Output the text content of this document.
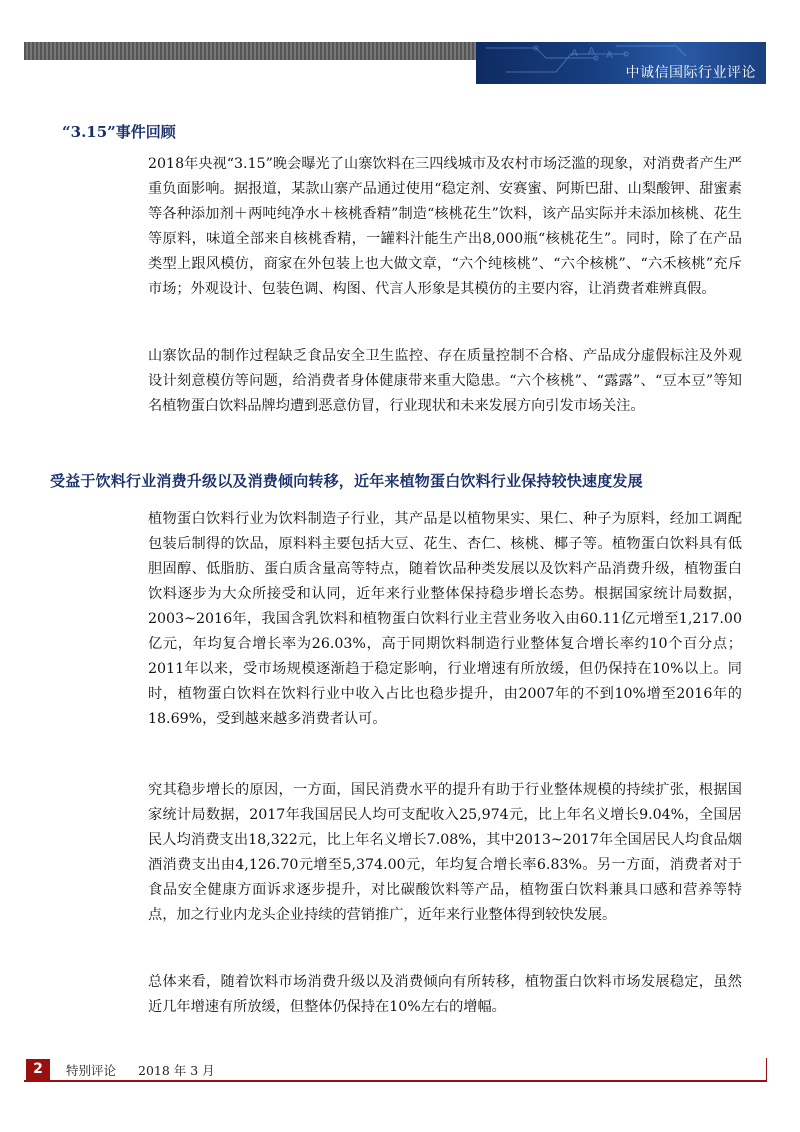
A A A
中诚信国际行业评论
“3.15”事件回顾

2018年央视“3.15”晚会曝光了山寨饮料在三四线城市及农村市场泛滥的现象，对消费者产生严重负面影响。据报道，某款山寨产品通过使用“稳定剂、安赛蜜、阿斯巴甜、山梨酸钾、甜蜜素等各种添加剂＋两吨纯净水＋核桃香精”制造“核桃花生”饮料，该产品实际并未添加核桃、花生等原料，味道全部来自核桃香精，一罐料汁能生产出8,000瓶“核桃花生”。同时，除了在产品类型上跟风模仿，商家在外包装上也大做文章，“六个纯核桃”、“六仐核桃”、“六禾核桃”充斥市场；外观设计、包装色调、构图、代言人形象是其模仿的主要内容，让消费者难辨真假。

山寨饮品的制作过程缺乏食品安全卫生监控、存在质量控制不合格、产品成分虚假标注及外观设计刻意模仿等问题，给消费者身体健康带来重大隐患。“六个核桃”、“露露”、“豆本豆”等知名植物蛋白饮料品牌均遭到恶意仿冒，行业现状和未来发展方向引发市场关注。

受益于饮料行业消费升级以及消费倾向转移，近年来植物蛋白饮料行业保持较快速度发展

植物蛋白饮料行业为饮料制造子行业，其产品是以植物果实、果仁、种子为原料，经加工调配包装后制得的饮品，原料料主要包括大豆、花生、杏仁、核桃、椰子等。植物蛋白饮料具有低胆固醇、低脂肪、蛋白质含量高等特点，随着饮品种类发展以及饮料产品消费升级，植物蛋白饮料逐步为大众所接受和认同，近年来行业整体保持稳步增长态势。根据国家统计局数据，2003~2016年，我国含乳饮料和植物蛋白饮料行业主营业务收入由60.11亿元增至1,217.00亿元，年均复合增长率为26.03%，高于同期饮料制造行业整体复合增长率约10个百分点；2011年以来，受市场规模逐渐趋于稳定影响，行业增速有所放缓，但仍保持在10%以上。同时，植物蛋白饮料在饮料行业中收入占比也稳步提升，由2007年的不到10%增至2016年的18.69%，受到越来越多消费者认可。

究其稳步增长的原因，一方面，国民消费水平的提升有助于行业整体规模的持续扩张，根据国家统计局数据，2017年我国居民人均可支配收入25,974元，比上年名义增长9.04%，全国居民人均消费支出18,322元，比上年名义增长7.08%，其中2013~2017年全国居民人均食品烟酒消费支出由4,126.70元增至5,374.00元，年均复合增长率6.83%。另一方面，消费者对于食品安全健康方面诉求逐步提升，对比碳酸饮料等产品，植物蛋白饮料兼具口感和营养等特点，加之行业内龙头企业持续的营销推广，近年来行业整体得到较快发展。

总体来看，随着饮料市场消费升级以及消费倾向有所转移，植物蛋白饮料市场发展稳定，虽然近几年增速有所放缓，但整体仍保持在10%左右的增幅。

2	特别评论 2018 年 3 月
